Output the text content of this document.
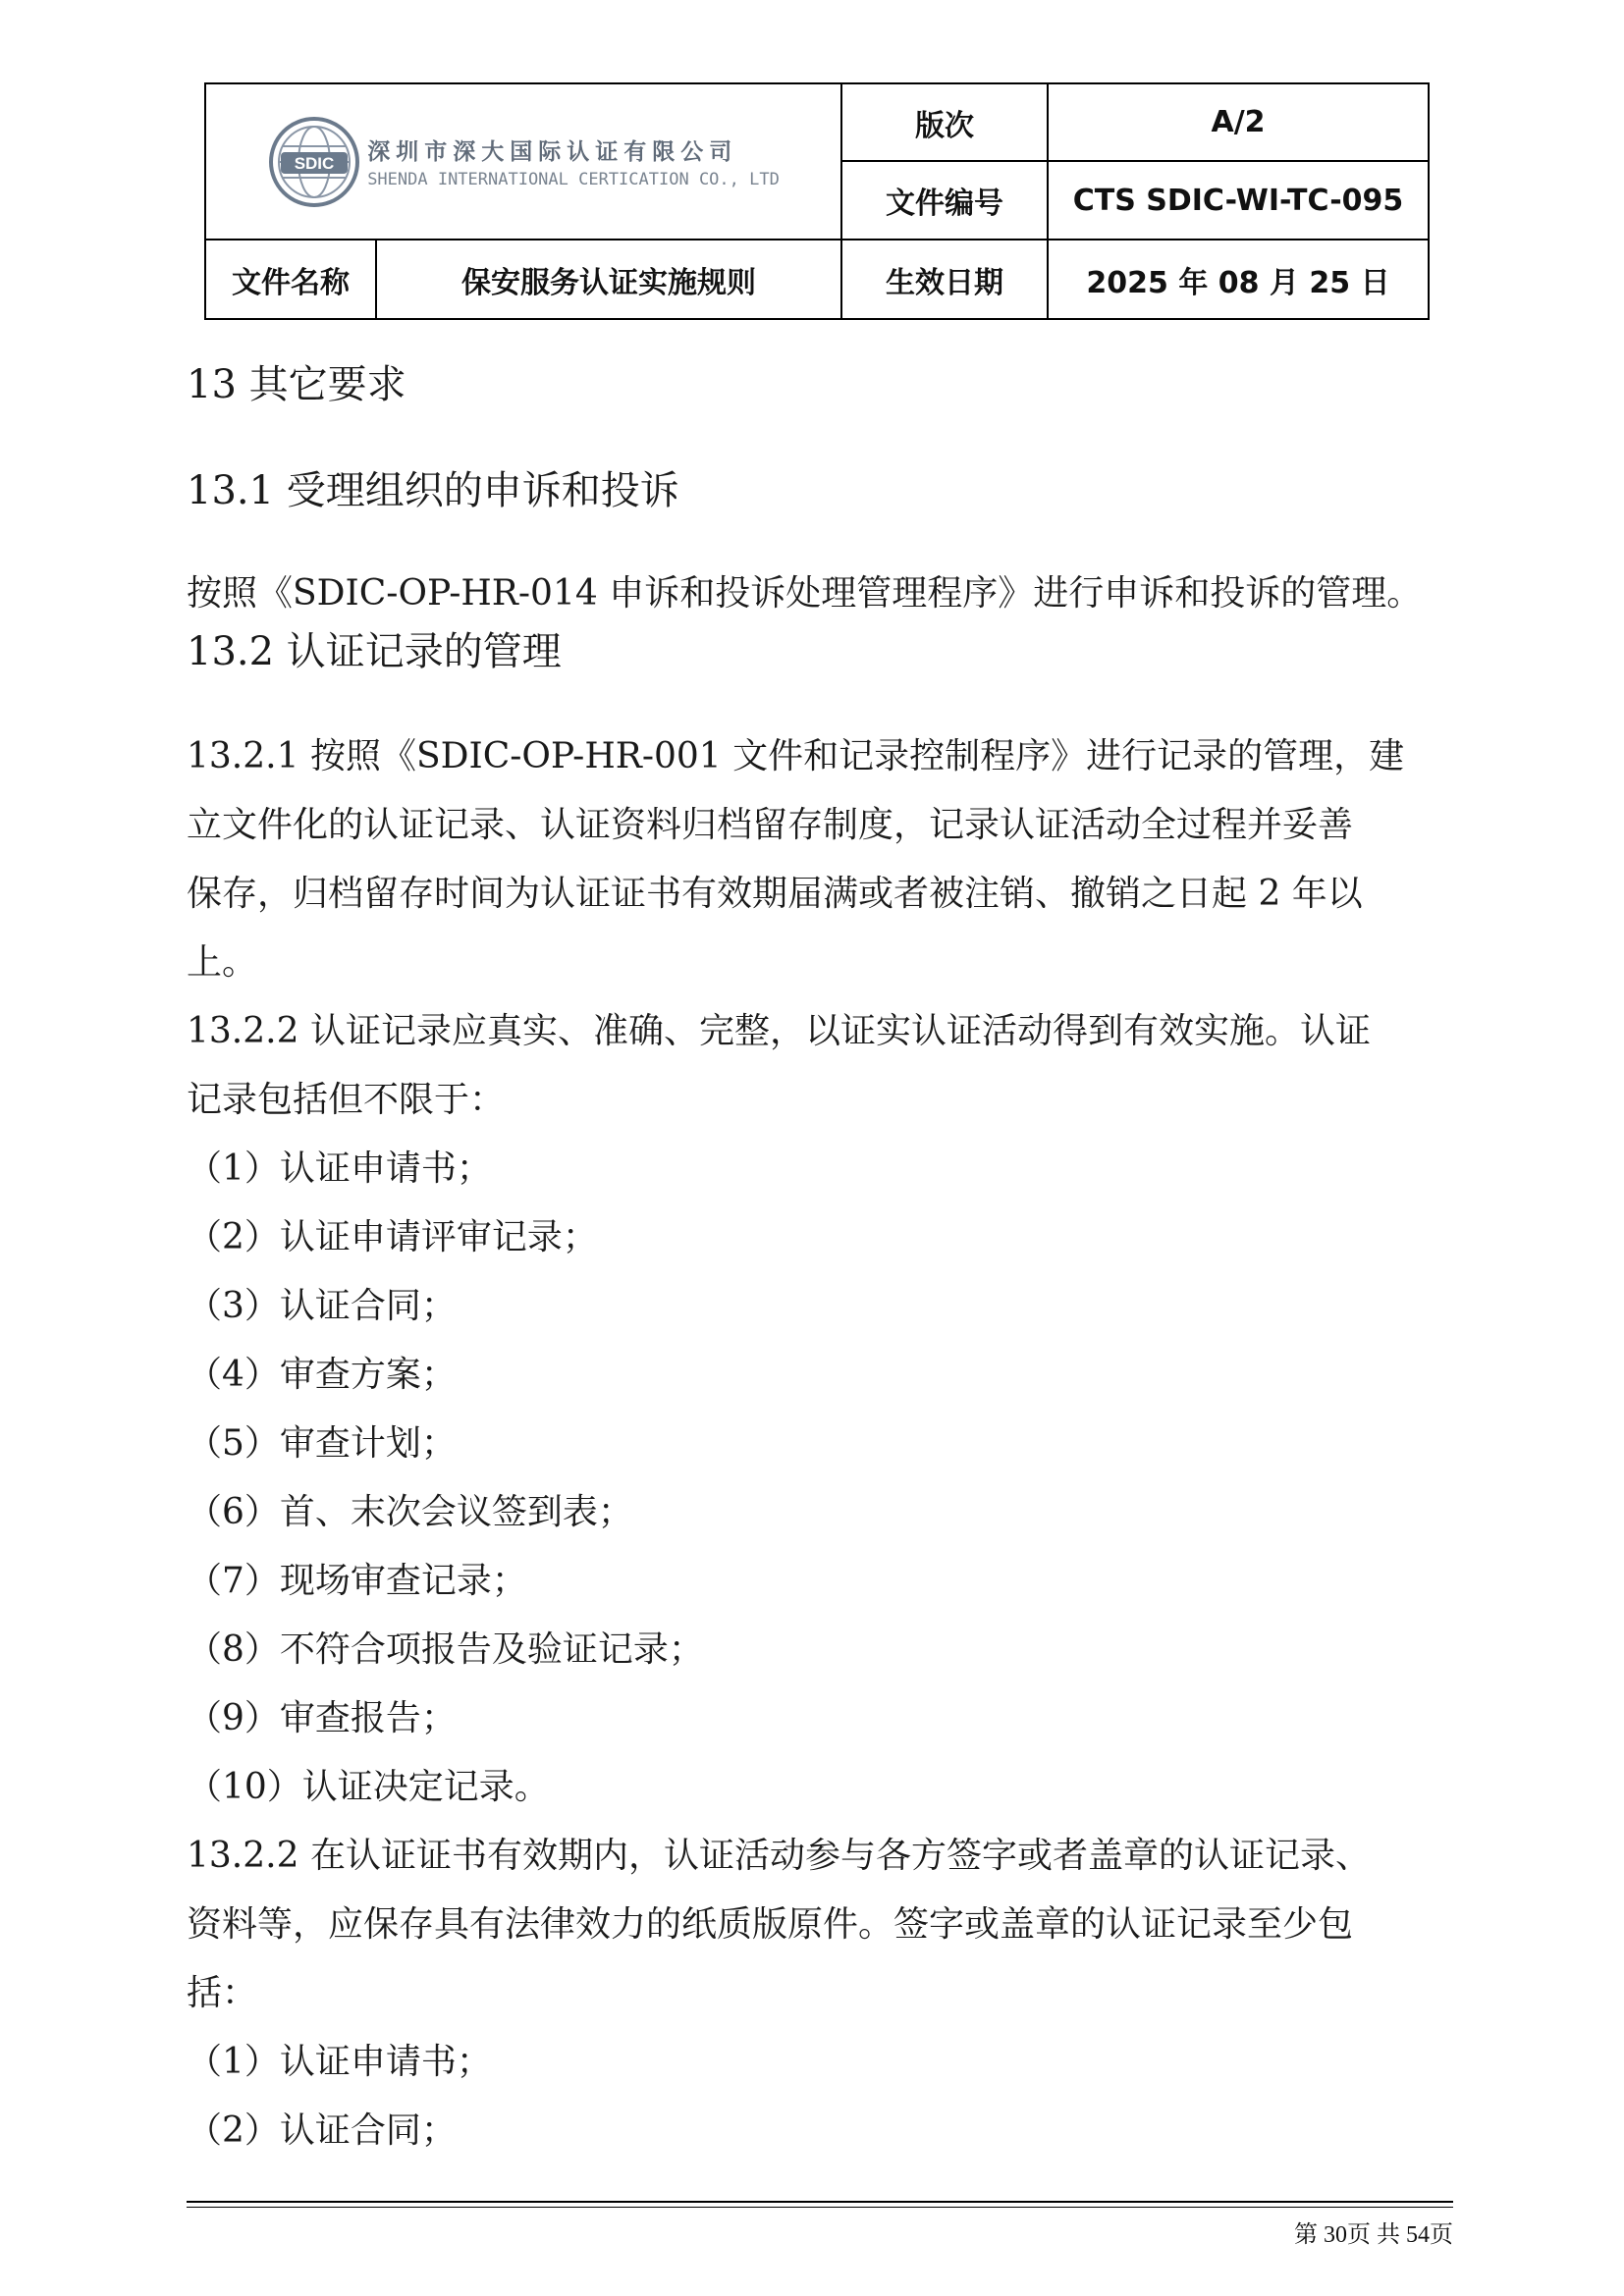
SDIC 深圳市深大国际认证有限公司
SHENDA INTERNATIONAL CERTICATION CO., LTD		版次	A/2
		文件编号	CTS SDIC-WI-TC-095
文件名称	保安服务认证实施规则	生效日期	2025 年 08 月 25 日
13 其它要求
13.1 受理组织的申诉和投诉

按照《SDIC-OP-HR-014 申诉和投诉处理管理程序》进行申诉和投诉的管理。

13.2 认证记录的管理

13.2.1 按照《SDIC-OP-HR-001 文件和记录控制程序》进行记录的管理，建

立文件化的认证记录、认证资料归档留存制度，记录认证活动全过程并妥善

保存，归档留存时间为认证证书有效期届满或者被注销、撤销之日起 2 年以

上。

13.2.2 认证记录应真实、准确、完整，以证实认证活动得到有效实施。认证

记录包括但不限于：

（1）认证申请书；

（2）认证申请评审记录；

（3）认证合同；

（4）审查方案；

（5）审查计划；

（6）首、末次会议签到表；

（7）现场审查记录；

（8）不符合项报告及验证记录；

（9）审查报告；

（10）认证决定记录。

13.2.2 在认证证书有效期内，认证活动参与各方签字或者盖章的认证记录、

资料等，应保存具有法律效力的纸质版原件。签字或盖章的认证记录至少包

括：

（1）认证申请书；

（2）认证合同；

第 30页 共 54页
